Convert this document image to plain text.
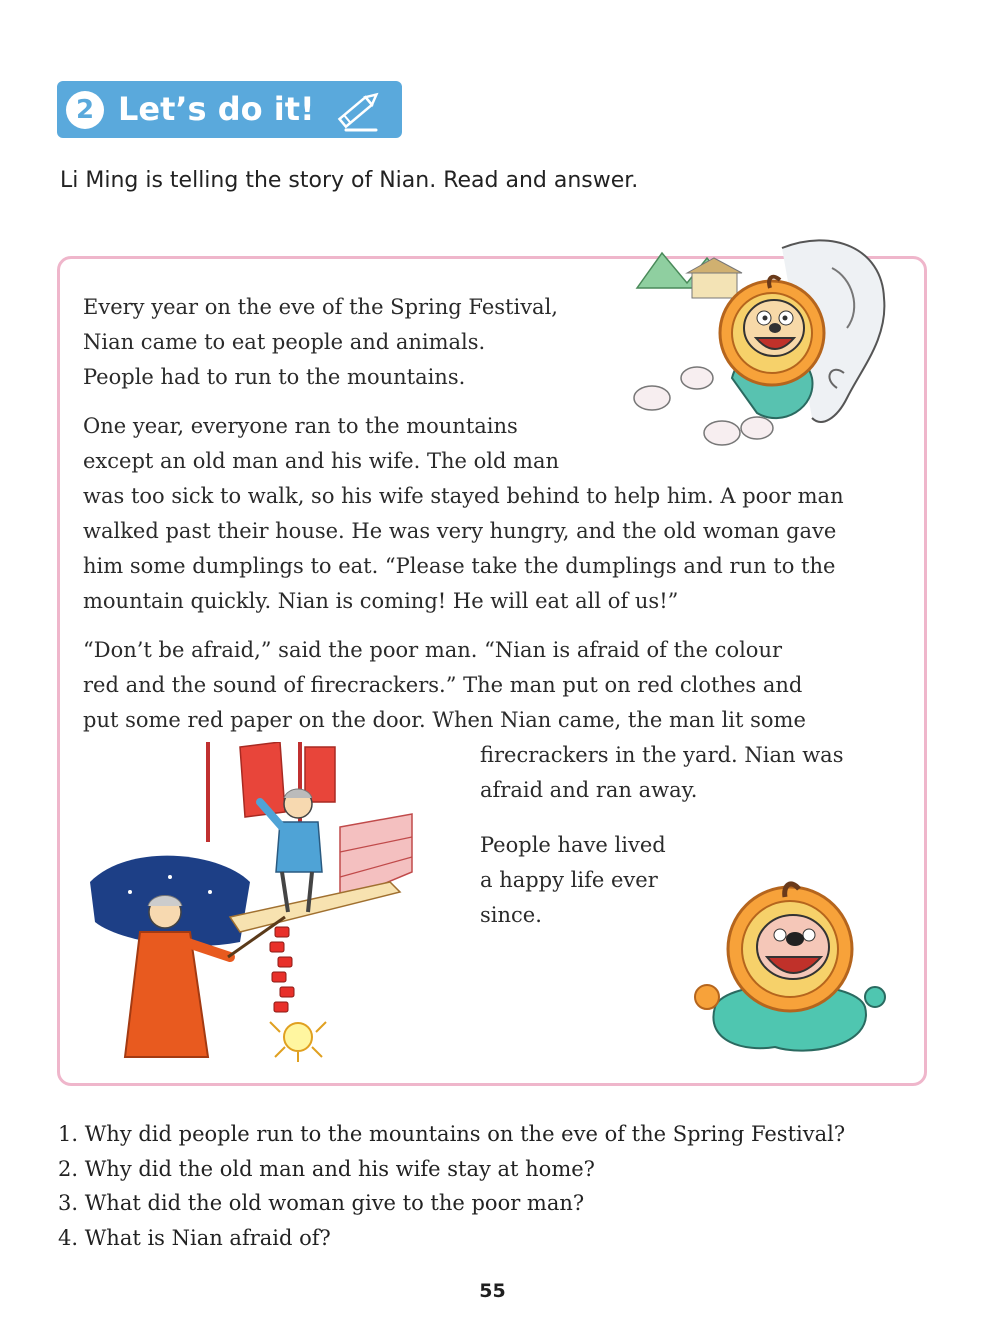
2 Let’s do it!
Li Ming is telling the story of Nian. Read and answer.
Every year on the eve of the Spring Festival,
Nian came to eat people and animals.
People had to run to the mountains.
One year, everyone ran to the mountains
except an old man and his wife. The old man
was too sick to walk, so his wife stayed behind to help him. A poor man
walked past their house. He was very hungry, and the old woman gave
him some dumplings to eat. “Please take the dumplings and run to the
mountain quickly. Nian is coming! He will eat all of us!”
“Don’t be afraid,” said the poor man. “Nian is afraid of the colour
red and the sound of firecrackers.” The man put on red clothes and
put some red paper on the door. When Nian came, the man lit some
firecrackers in the yard. Nian was
afraid and ran away.
People have lived
a happy life ever
since.
1. Why did people run to the mountains on the eve of the Spring Festival?
2. Why did the old man and his wife stay at home?
3. What did the old woman give to the poor man?
4. What is Nian afraid of?
55
